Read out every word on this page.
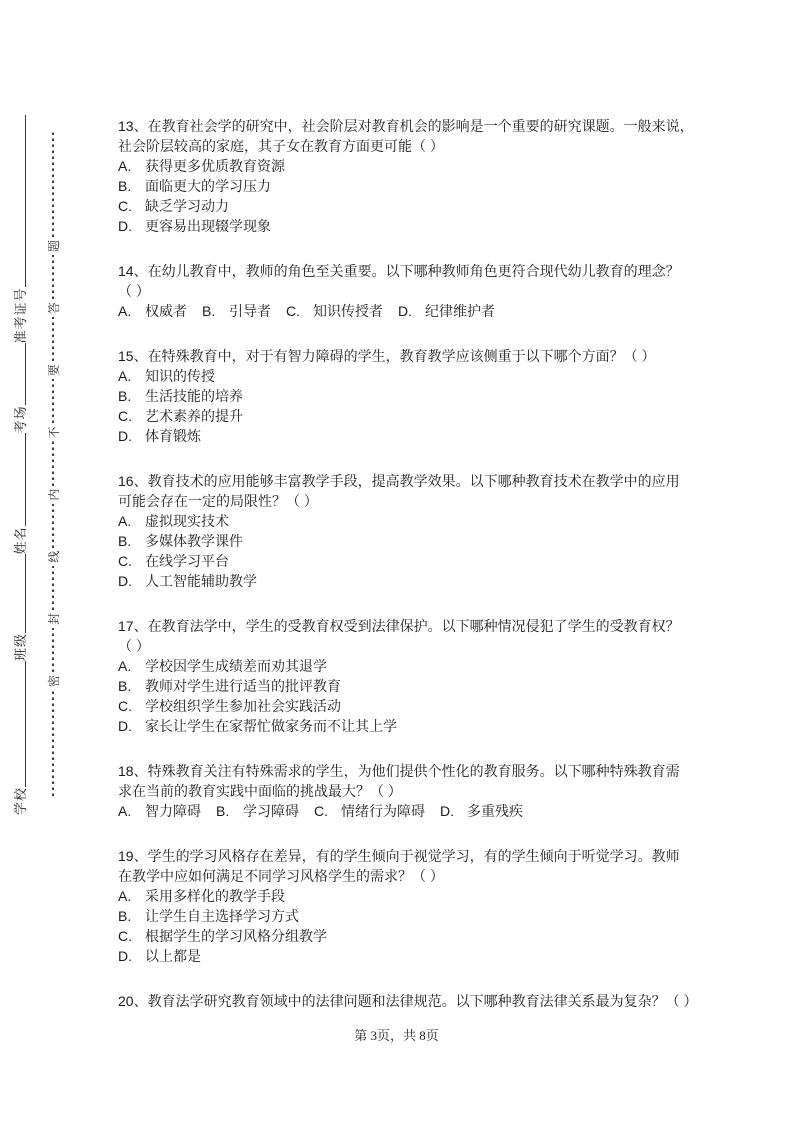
学校
班级
姓名
考场
准考证号
密
封
线
内
不
要
答
题
13、在教育社会学的研究中，社会阶层对教育机会的影响是一个重要的研究课题。一般来说，
社会阶层较高的家庭，其子女在教育方面更可能（ ）
A. 获得更多优质教育资源
B. 面临更大的学习压力
C. 缺乏学习动力
D. 更容易出现辍学现象
14、在幼儿教育中，教师的角色至关重要。以下哪种教师角色更符合现代幼儿教育的理念？
（ ）
A. 权威者 B. 引导者 C. 知识传授者 D. 纪律维护者
15、在特殊教育中，对于有智力障碍的学生，教育教学应该侧重于以下哪个方面？（ ）
A. 知识的传授
B. 生活技能的培养
C. 艺术素养的提升
D. 体育锻炼
16、教育技术的应用能够丰富教学手段，提高教学效果。以下哪种教育技术在教学中的应用
可能会存在一定的局限性？（ ）
A. 虚拟现实技术
B. 多媒体教学课件
C. 在线学习平台
D. 人工智能辅助教学
17、在教育法学中，学生的受教育权受到法律保护。以下哪种情况侵犯了学生的受教育权？
（ ）
A. 学校因学生成绩差而劝其退学
B. 教师对学生进行适当的批评教育
C. 学校组织学生参加社会实践活动
D. 家长让学生在家帮忙做家务而不让其上学
18、特殊教育关注有特殊需求的学生，为他们提供个性化的教育服务。以下哪种特殊教育需
求在当前的教育实践中面临的挑战最大？（ ）
A. 智力障碍 B. 学习障碍 C. 情绪行为障碍 D. 多重残疾
19、学生的学习风格存在差异，有的学生倾向于视觉学习，有的学生倾向于听觉学习。教师
在教学中应如何满足不同学习风格学生的需求？（ ）
A. 采用多样化的教学手段
B. 让学生自主选择学习方式
C. 根据学生的学习风格分组教学
D. 以上都是
20、教育法学研究教育领域中的法律问题和法律规范。以下哪种教育法律关系最为复杂？（ ）
第 3页，共 8页
